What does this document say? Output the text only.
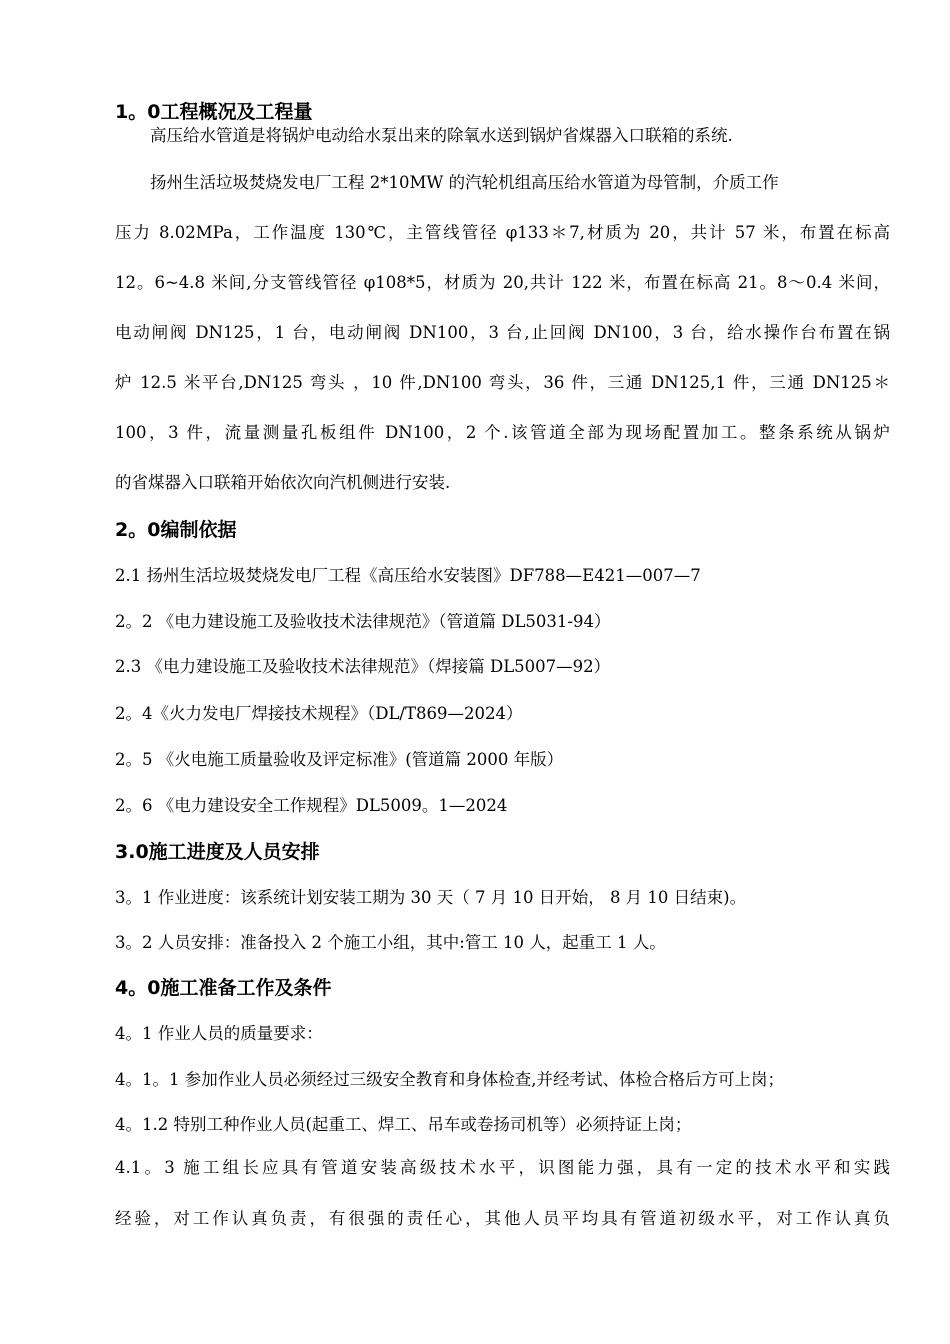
1。0工程概况及工程量
高压给水管道是将锅炉电动给水泵出来的除氧水送到锅炉省煤器入口联箱的系统.
扬州生活垃圾焚烧发电厂工程 2*10MW 的汽轮机组高压给水管道为母管制，介质工作
压力 8.02MPa，工作温度 130℃，主管线管径 φ133＊7,材质为 20，共计 57 米，布置在标高
12。6~4.8 米间,分支管线管径 φ108*5，材质为 20,共计 122 米，布置在标高 21。8～0.4 米间，
电动闸阀 DN125，1 台，电动闸阀 DN100，3 台,止回阀 DN100，3 台，给水操作台布置在锅
炉 12.5 米平台,DN125 弯头 ，10 件,DN100 弯头，36 件，三通 DN125,1 件，三通 DN125＊
100，3 件，流量测量孔板组件 DN100，2 个.该管道全部为现场配置加工。整条系统从锅炉
的省煤器入口联箱开始依次向汽机侧进行安装.
2。0编制依据
2.1 扬州生活垃圾焚烧发电厂工程《高压给水安装图》DF788—E421—007—7
2。2 《电力建设施工及验收技术法律规范》（管道篇 DL5031-94）
2.3 《电力建设施工及验收技术法律规范》（焊接篇 DL5007—92）
2。4《火力发电厂焊接技术规程》（DL/T869—2024）
2。5 《火电施工质量验收及评定标准》(管道篇 2000 年版）
2。6 《电力建设安全工作规程》DL5009。1—2024
3.0施工进度及人员安排
3。1 作业进度：该系统计划安装工期为 30 天（ 7 月 10 日开始， 8 月 10 日结束)。
3。2 人员安排：准备投入 2 个施工小组，其中:管工 10 人，起重工 1 人。
4。0施工准备工作及条件
4。1 作业人员的质量要求：
4。1。1 参加作业人员必须经过三级安全教育和身体检查,并经考试、体检合格后方可上岗；
4。1.2 特别工种作业人员(起重工、焊工、吊车或卷扬司机等）必须持证上岗；
4.1。3 施工组长应具有管道安装高级技术水平，识图能力强，具有一定的技术水平和实践
经验，对工作认真负责，有很强的责任心，其他人员平均具有管道初级水平，对工作认真负
